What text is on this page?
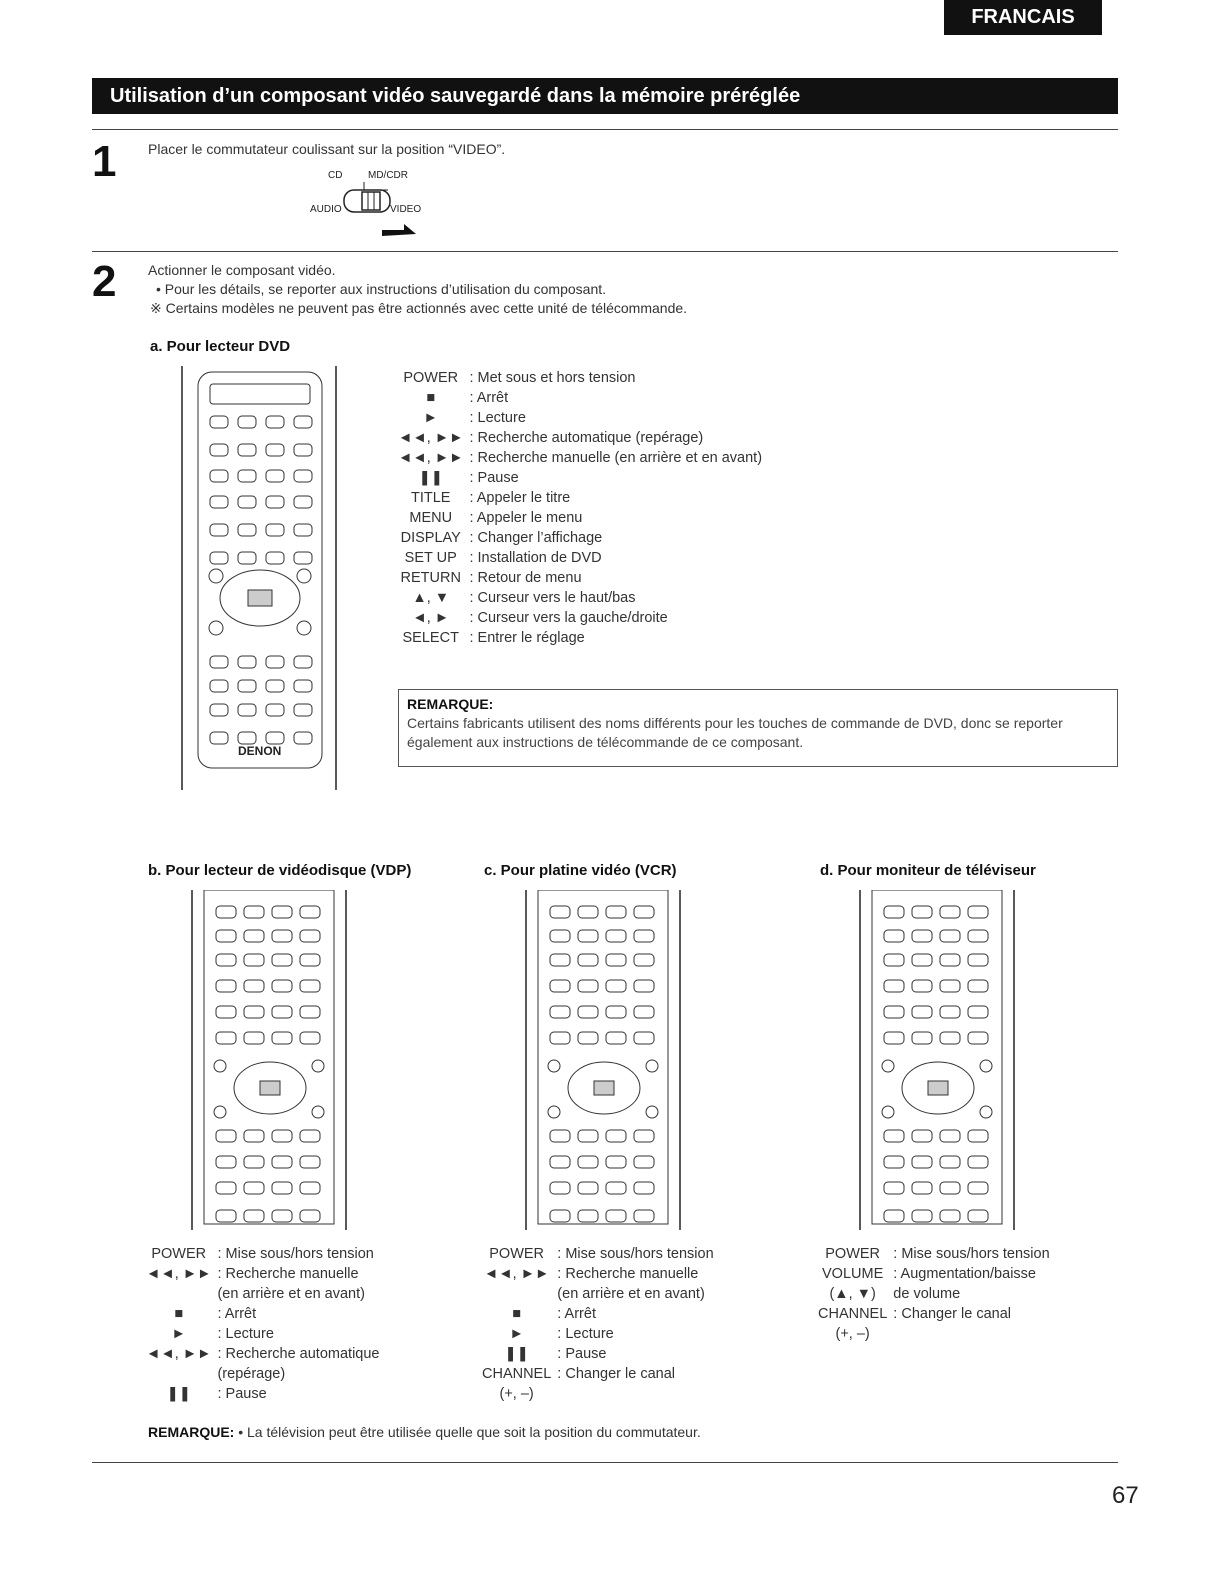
FRANCAIS
Utilisation d’un composant vidéo sauvegardé dans la mémoire préréglée
1 Placer le commutateur coulissant sur la position “VIDEO”.
CD	MD/CDR
AUDIO	VIDEO
2 Actionner le composant vidéo.
• Pour les détails, se reporter aux instructions d’utilisation du composant.
※ Certains modèles ne peuvent pas être actionnés avec cette unité de télécommande.
a. Pour lecteur DVD
DENON
POWER	: Met sous et hors tension
■	: Arrêt
►	: Lecture
◄◄, ►►	: Recherche automatique (repérage)
◄◄, ►►	: Recherche manuelle (en arrière et en avant)
❚❚	: Pause
TITLE	: Appeler le titre
MENU	: Appeler le menu
DISPLAY	: Changer l’affichage
SET UP	: Installation de DVD
RETURN	: Retour de menu
▲, ▼	: Curseur vers le haut/bas
◄, ►	: Curseur vers la gauche/droite
SELECT	: Entrer le réglage
REMARQUE:
Certains fabricants utilisent des noms différents pour les touches de commande de DVD, donc se reporter également aux instructions de télécommande de ce composant.
b. Pour lecteur de vidéodisque (VDP)	c. Pour platine vidéo (VCR)	d. Pour moniteur de téléviseur
POWER	: Mise sous/hors tension
◄◄, ►►	: Recherche manuelle
	(en arrière et en avant)
■	: Arrêt
►	: Lecture
◄◄, ►►	: Recherche automatique
	(repérage)
❚❚	: Pause
POWER	: Mise sous/hors tension
◄◄, ►►	: Recherche manuelle
	(en arrière et en avant)
■	: Arrêt
►	: Lecture
❚❚	: Pause
CHANNEL	: Changer le canal
(+, –)	
POWER	: Mise sous/hors tension
VOLUME	: Augmentation/baisse
(▲, ▼)	de volume
CHANNEL	: Changer le canal
(+, –)	
REMARQUE: • La télévision peut être utilisée quelle que soit la position du commutateur.
67
